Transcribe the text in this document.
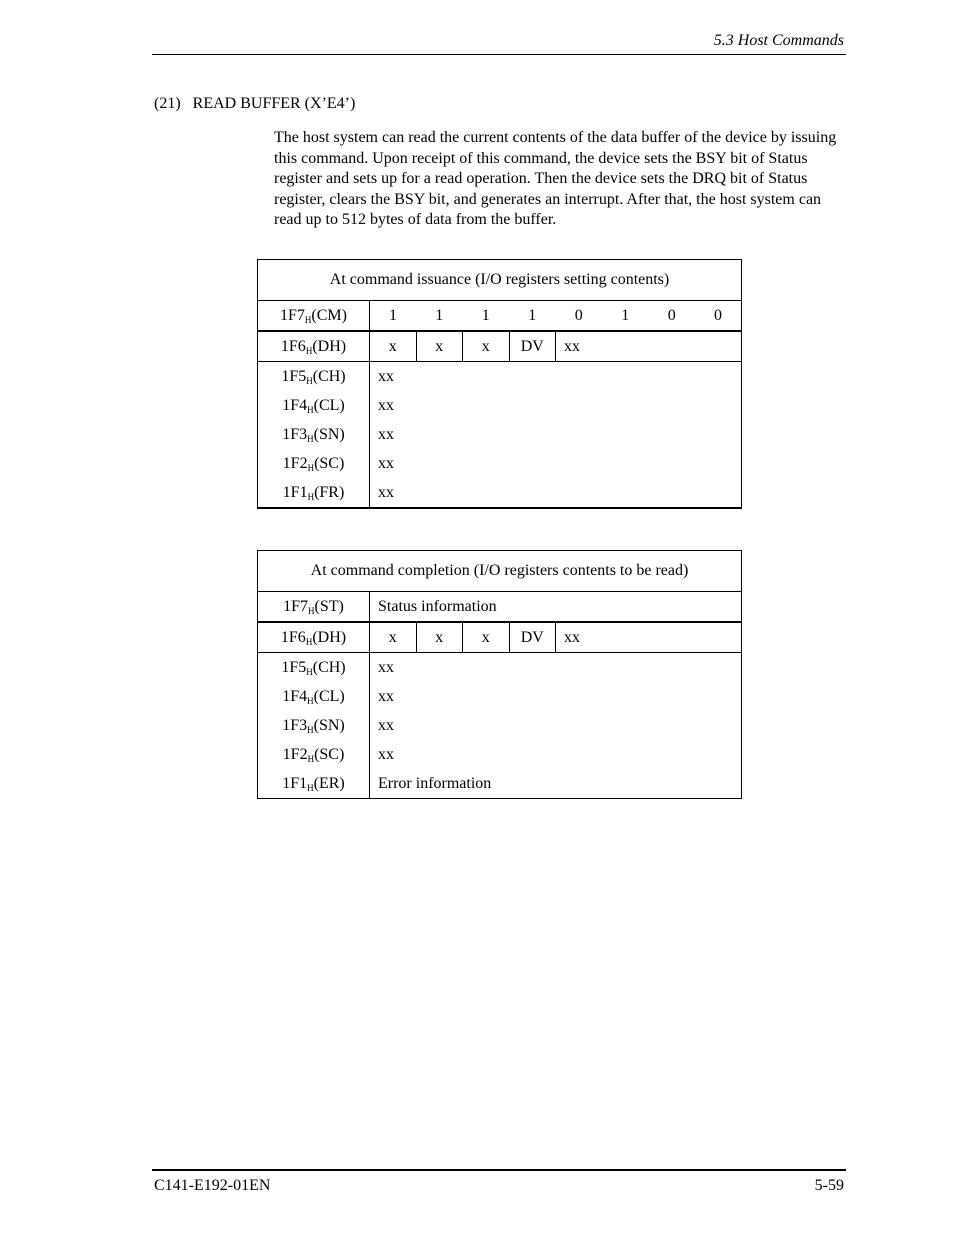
5.3 Host Commands
(21) READ BUFFER (X’E4’)

The host system can read the current contents of the data buffer of the device by issuing this command. Upon receipt of this command, the device sets the BSY bit of Status register and sets up for a read operation. Then the device sets the DRQ bit of Status register, clears the BSY bit, and generates an interrupt. After that, the host system can read up to 512 bytes of data from the buffer.

At command issuance (I/O registers setting contents)								
$1F7_H(CM)$	1	1	1	1	0	1	0	0
$1F6_H(DH)$	x	x	x	DV	xx			
$1F5_H(CH)$	xx							
$1F4_H(CL)$	xx							
$1F3_H(SN)$	xx							
$1F2_H(SC)$	xx							
$1F1_H(FR)$	xx							
At command completion (I/O registers contents to be read)					
$1F7_H(ST)$	Status information				
$1F6_H(DH)$	x	x	x	DV	xx
$1F5_H(CH)$	xx				
$1F4_H(CL)$	xx				
$1F3_H(SN)$	xx				
$1F2_H(SC)$	xx				
$1F1_H(ER)$	Error information				
C141-E192-01EN	5-59
